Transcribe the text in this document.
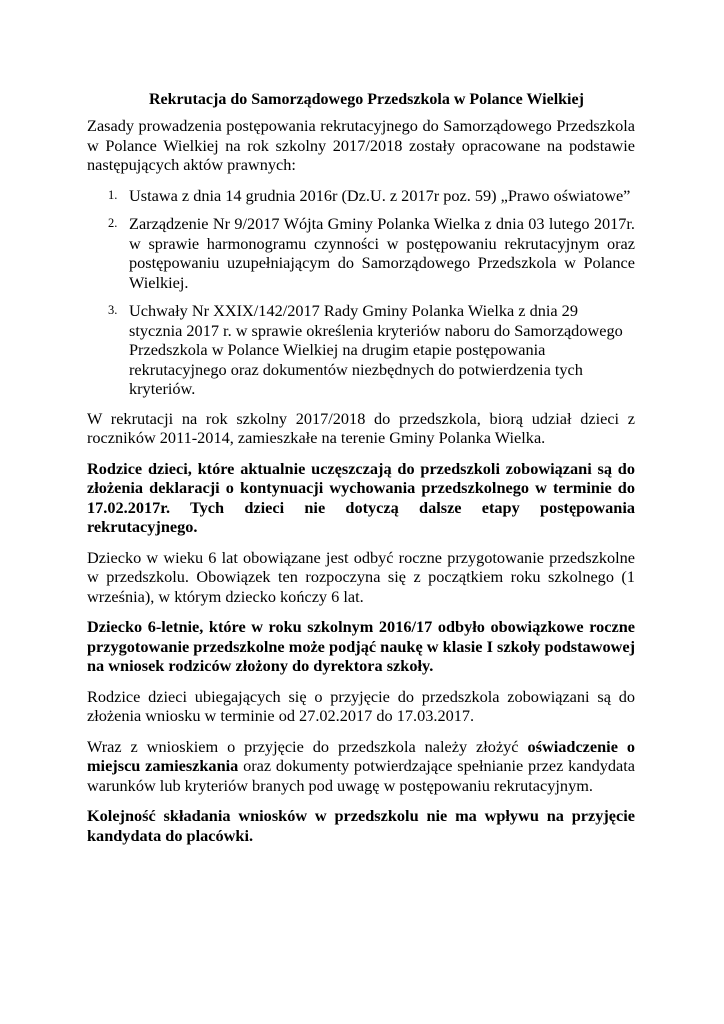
Rekrutacja do Samorządowego Przedszkola w Polance Wielkiej

Zasady prowadzenia postępowania rekrutacyjnego do Samorządowego Przedszkola w Polance Wielkiej na rok szkolny 2017/2018 zostały opracowane na podstawie następujących aktów prawnych:

1. Ustawa z dnia 14 grudnia 2016r (Dz.U. z 2017r poz. 59) „Prawo oświatowe”
2. Zarządzenie Nr 9/2017 Wójta Gminy Polanka Wielka z dnia 03 lutego 2017r. w sprawie harmonogramu czynności w postępowaniu rekrutacyjnym oraz postępowaniu uzupełniającym do Samorządowego Przedszkola w Polance Wielkiej.
3. Uchwały Nr XXIX/142/2017 Rady Gminy Polanka Wielka z dnia 29 stycznia 2017 r. w sprawie określenia kryteriów naboru do Samorządowego Przedszkola w Polance Wielkiej na drugim etapie postępowania rekrutacyjnego oraz dokumentów niezbędnych do potwierdzenia tych kryteriów.

W rekrutacji na rok szkolny 2017/2018 do przedszkola, biorą udział dzieci z roczników 2011-2014, zamieszkałe na terenie Gminy Polanka Wielka.

Rodzice dzieci, które aktualnie uczęszczają do przedszkoli zobowiązani są do złożenia deklaracji o kontynuacji wychowania przedszkolnego w terminie do 17.02.2017r. Tych dzieci nie dotyczą dalsze etapy postępowania rekrutacyjnego.

Dziecko w wieku 6 lat obowiązane jest odbyć roczne przygotowanie przedszkolne w przedszkolu. Obowiązek ten rozpoczyna się z początkiem roku szkolnego (1 września), w którym dziecko kończy 6 lat.

Dziecko 6-letnie, które w roku szkolnym 2016/17 odbyło obowiązkowe roczne przygotowanie przedszkolne może podjąć naukę w klasie I szkoły podstawowej na wniosek rodziców złożony do dyrektora szkoły.

Rodzice dzieci ubiegających się o przyjęcie do przedszkola zobowiązani są do złożenia wniosku w terminie od 27.02.2017 do 17.03.2017.

Wraz z wnioskiem o przyjęcie do przedszkola należy złożyć oświadczenie o miejscu zamieszkania oraz dokumenty potwierdzające spełnianie przez kandydata warunków lub kryteriów branych pod uwagę w postępowaniu rekrutacyjnym.

Kolejność składania wniosków w przedszkolu nie ma wpływu na przyjęcie kandydata do placówki.
